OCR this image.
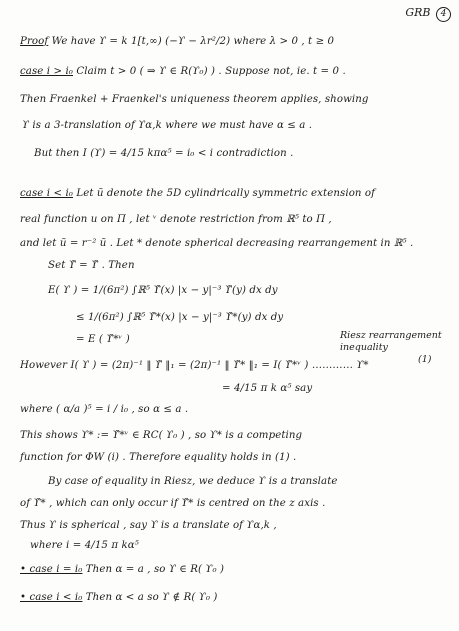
GRB 4
Proof We have ϒ = k 1[t,∞) (−ϒ − λr²/2) where λ > 0 , t ≥ 0
case i > i₀ Claim t > 0 ( ⇒ ϒ ∈ R(ϒ₀) ) . Suppose not, ie. t = 0 .
Then Fraenkel + Fraenkel's uniqueness theorem applies, showing
ϒ is a 3-translation of ϒα,k where we must have α ≤ a .
But then I (ϒ) = 4/15 kπα⁵ = i₀ < i contradiction .
case i < i₀ Let ũ denote the 5D cylindrically symmetric extension of
real function u on Π , let ᵛ denote restriction from ℝ⁵ to Π ,
and let ũ = r⁻² ũ . Let * denote spherical decreasing rearrangement in ℝ⁵ .
Set ϒ̃ = ϒ̃ . Then
E( ϒ ) = 1/(6π²) ∫ℝ⁵ ϒ̃(x) |x − y|⁻³ ϒ̃(y) dx dy
≤ 1/(6π²) ∫ℝ⁵ ϒ̃*(x) |x − y|⁻³ ϒ̃*(y) dx dy
= E ( ϒ̃*ᵛ )
However I( ϒ ) = (2π)⁻¹ ‖ ϒ̃ ‖₁ = (2π)⁻¹ ‖ ϒ̃* ‖₁ = I( ϒ̃*ᵛ ) ………… ϒ*
= 4/15 π k α⁵ say
where ( α/a )⁵ = i / i₀ , so α ≤ a .
This shows ϒ* := ϒ̃*ᵛ ∈ RC( ϒ₀ ) , so ϒ* is a competing
function for ΦW (i) . Therefore equality holds in (1) .
By case of equality in Riesz, we deduce ϒ is a translate
of ϒ̃* , which can only occur if ϒ̃* is centred on the z axis .
Thus ϒ is spherical , say ϒ is a translate of ϒα,k ,
where i = 4/15 π kα⁵
• case i = i₀ Then α = a , so ϒ ∈ R( ϒ₀ )
• case i < i₀ Then α < a so ϒ ∉ R( ϒ₀ )
Riesz rearrangement
inequality
(1)
